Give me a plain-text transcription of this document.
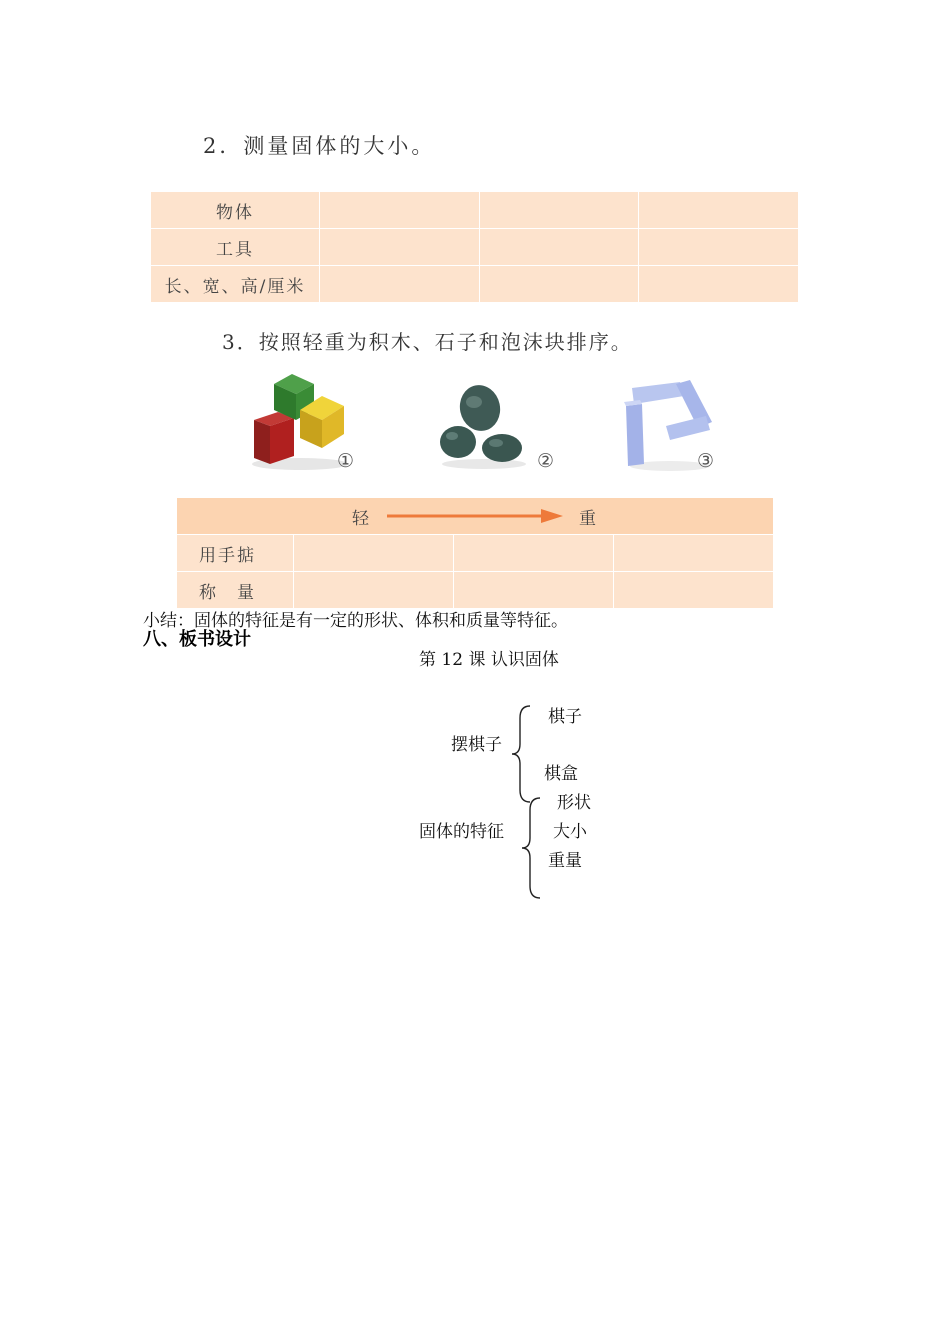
2．测量固体的大小。
物体			
工具			
长、宽、高/厘米			
3．按照轻重为积木、石子和泡沫块排序。
①	②	③
轻 重			

用手掂			
称　量			
小结：固体的特征是有一定的形状、体积和质量等特征。
八、板书设计
第 12 课 认识固体
摆棋子
棋子
棋盒
固体的特征
形状
大小
重量
